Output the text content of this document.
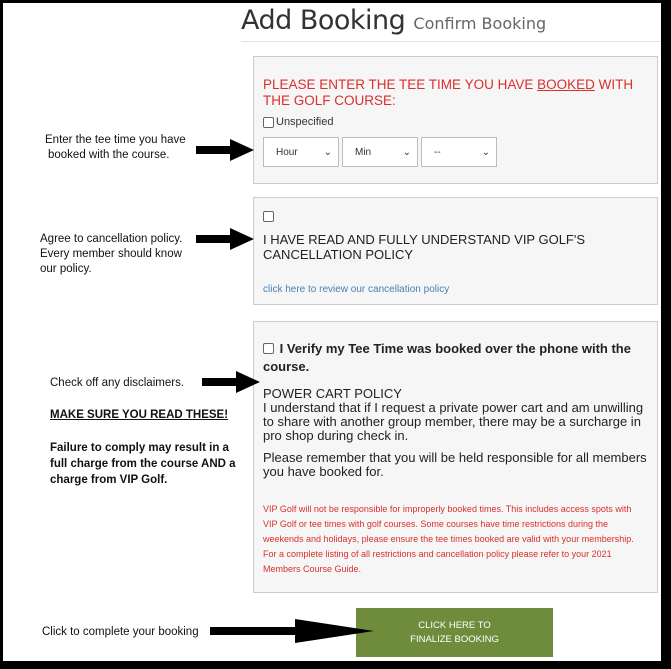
Add Booking Confirm Booking
PLEASE ENTER THE TEE TIME YOU HAVE BOOKED WITH THE GOLF COURSE:
Unspecified
Hour	⌄ Min	⌄ --	⌄
I HAVE READ AND FULLY UNDERSTAND VIP GOLF'S CANCELLATION POLICY
click here to review our cancellation policy
I Verify my Tee Time was booked over the phone with the course.
POWER CART POLICY
I understand that if I request a private power cart and am unwilling to share with another group member, there may be a surcharge in pro shop during check in.
Please remember that you will be held responsible for all members you have booked for.
VIP Golf will not be responsible for improperly booked times. This includes access spots with VIP Golf or tee times with golf courses. Some courses have time restrictions during the weekends and holidays, please ensure the tee times booked are valid with your membership. For a complete listing of all restrictions and cancellation policy please refer to your 2021 Members Course Guide.
CLICK HERE TO
FINALIZE BOOKING
Enter the tee time you have
booked with the course.
Agree to cancellation policy.
Every member should know
our policy.
Check off any disclaimers.
MAKE SURE YOU READ THESE!
Failure to comply may result in a
full charge from the course AND a
charge from VIP Golf.
Click to complete your booking
